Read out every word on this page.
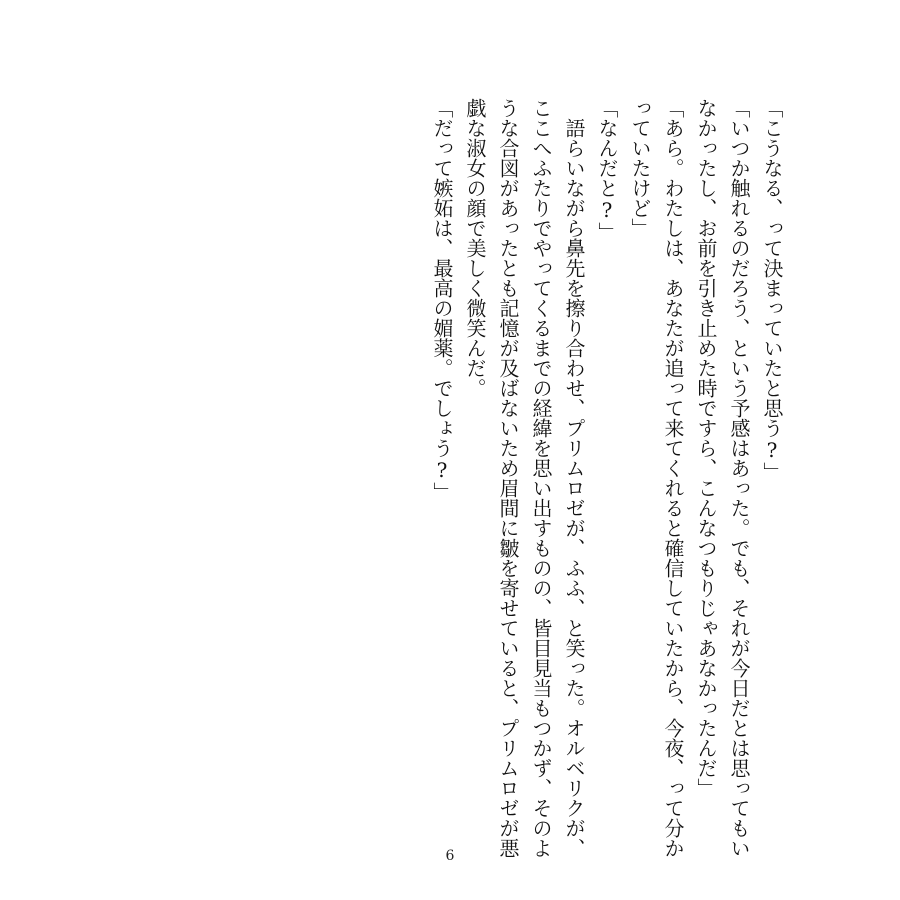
「こうなる、って決まっていたと思う?」

「いつか触れるのだろう、という予感はあった。でも、それが今日だとは思ってもいなかったし、お前を引き止めた時ですら、こんなつもりじゃあなかったんだ」

「あら。わたしは、あなたが追って来てくれると確信していたから、今夜、って分かっていたけど」

「なんだと?」

　語らいながら鼻先を擦り合わせ、プリムロゼが、ふふ、と笑った。オルベリクが、ここへふたりでやってくるまでの経緯を思い出すものの、皆目見当もつかず、そのような合図があったとも記憶が及ばないため眉間に皺を寄せていると、プリムロゼが悪戯な淑女の顔で美しく微笑んだ。

「だって嫉妬は、最高の媚薬。でしょう?」

6
